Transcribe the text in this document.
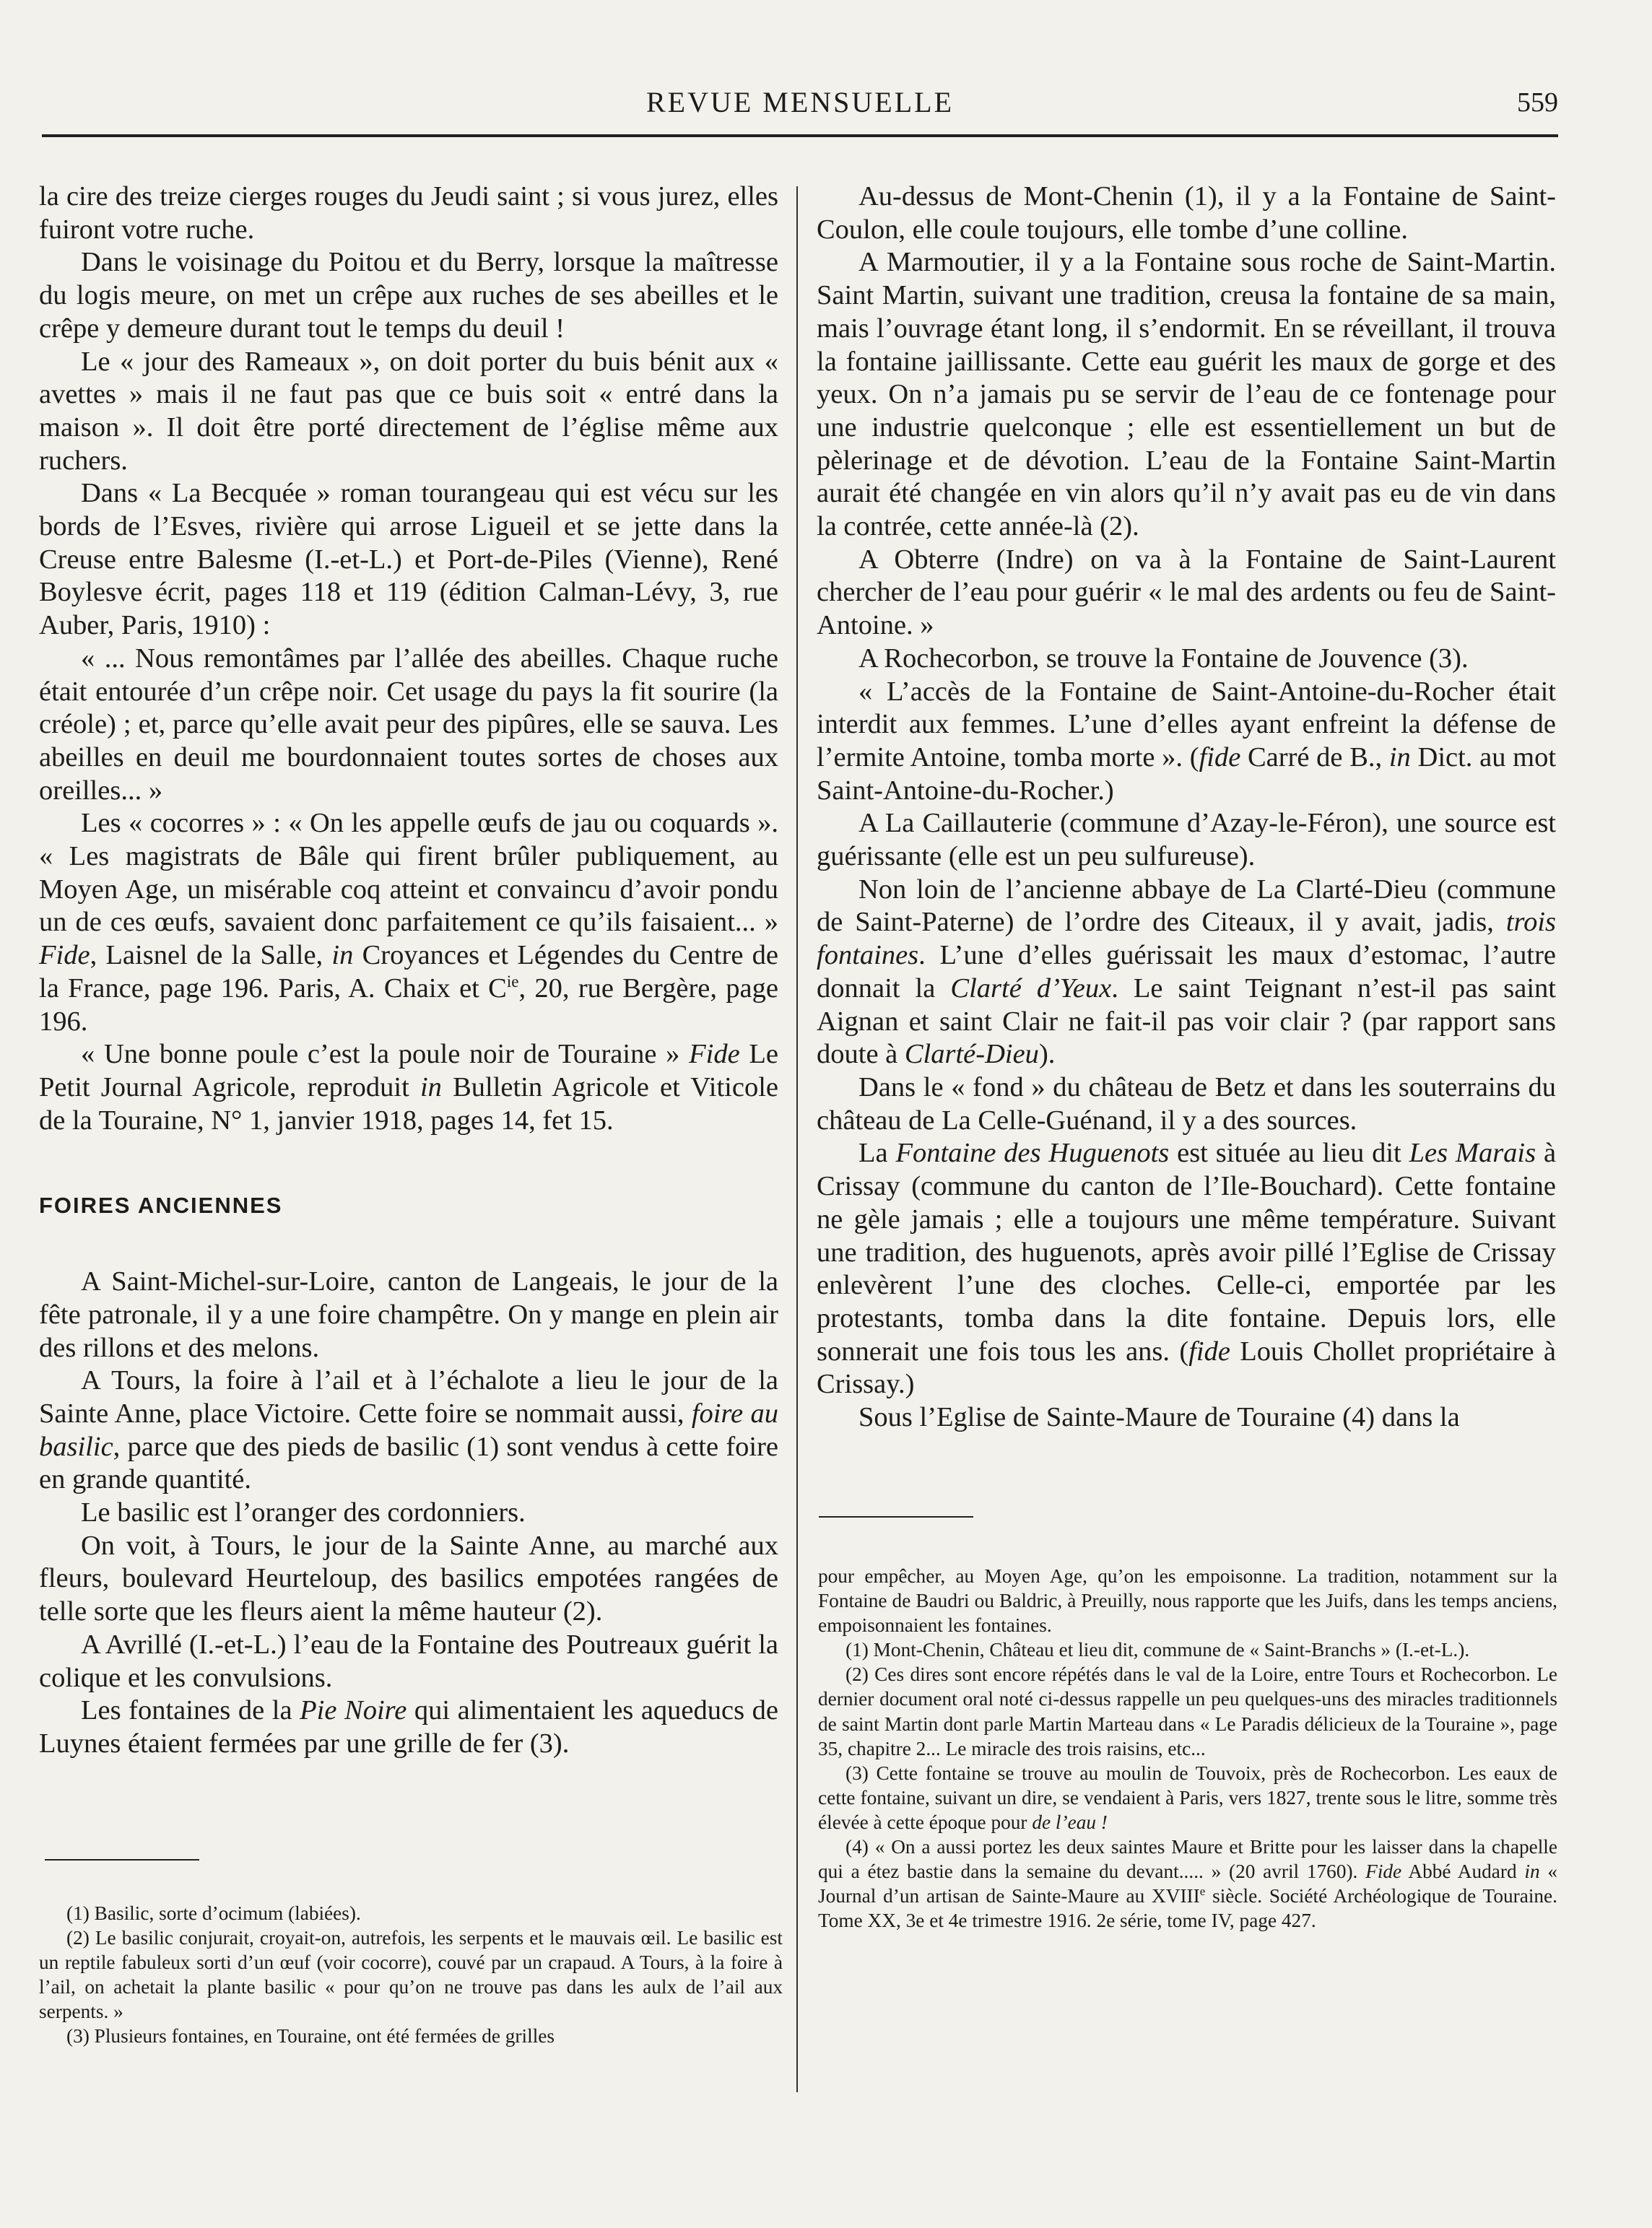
REVUE MENSUELLE	559

la cire des treize cierges rouges du Jeudi saint ; si vous jurez, elles fuiront votre ruche.

Dans le voisinage du Poitou et du Berry, lorsque la maîtresse du logis meure, on met un crêpe aux ruches de ses abeilles et le crêpe y demeure durant tout le temps du deuil !

Le « jour des Rameaux », on doit porter du buis bénit aux « avettes » mais il ne faut pas que ce buis soit « entré dans la maison ». Il doit être porté directement de l’église même aux ruchers.

Dans « La Becquée » roman tourangeau qui est vécu sur les bords de l’Esves, rivière qui arrose Ligueil et se jette dans la Creuse entre Balesme (I.-et-L.) et Port-de-Piles (Vienne), René Boylesve écrit, pages 118 et 119 (édition Calman-Lévy, 3, rue Auber, Paris, 1910) :

« ... Nous remontâmes par l’allée des abeilles. Chaque ruche était entourée d’un crêpe noir. Cet usage du pays la fit sourire (la créole) ; et, parce qu’elle avait peur des pipûres, elle se sauva. Les abeilles en deuil me bourdonnaient toutes sortes de choses aux oreilles... »

Les « cocorres » : « On les appelle œufs de jau ou coquards ». « Les magistrats de Bâle qui firent brûler publiquement, au Moyen Age, un misérable coq atteint et convaincu d’avoir pondu un de ces œufs, savaient donc parfaitement ce qu’ils faisaient... » Fide, Laisnel de la Salle, in Croyances et Légendes du Centre de la France, page 196. Paris, A. Chaix et $C^{ie}$, 20, rue Bergère, page 196.

« Une bonne poule c’est la poule noir de Touraine » Fide Le Petit Journal Agricole, reproduit in Bulletin Agricole et Viticole de la Touraine, N° 1, janvier 1918, pages 14, fet 15.

FOIRES ANCIENNES

A Saint-Michel-sur-Loire, canton de Langeais, le jour de la fête patronale, il y a une foire champêtre. On y mange en plein air des rillons et des melons.

A Tours, la foire à l’ail et à l’échalote a lieu le jour de la Sainte Anne, place Victoire. Cette foire se nommait aussi, foire au basilic, parce que des pieds de basilic (1) sont vendus à cette foire en grande quantité.

Le basilic est l’oranger des cordonniers.

On voit, à Tours, le jour de la Sainte Anne, au marché aux fleurs, boulevard Heurteloup, des basilics empotées rangées de telle sorte que les fleurs aient la même hauteur (2).

A Avrillé (I.-et-L.) l’eau de la Fontaine des Poutreaux guérit la colique et les convulsions.

Les fontaines de la Pie Noire qui alimentaient les aqueducs de Luynes étaient fermées par une grille de fer (3).

Au-dessus de Mont-Chenin (1), il y a la Fontaine de Saint-Coulon, elle coule toujours, elle tombe d’une colline.

A Marmoutier, il y a la Fontaine sous roche de Saint-Martin. Saint Martin, suivant une tradition, creusa la fontaine de sa main, mais l’ouvrage étant long, il s’endormit. En se réveillant, il trouva la fontaine jaillissante. Cette eau guérit les maux de gorge et des yeux. On n’a jamais pu se servir de l’eau de ce fontenage pour une industrie quelconque ; elle est essentiellement un but de pèlerinage et de dévotion. L’eau de la Fontaine Saint-Martin aurait été changée en vin alors qu’il n’y avait pas eu de vin dans la contrée, cette année-là (2).

A Obterre (Indre) on va à la Fontaine de Saint-Laurent chercher de l’eau pour guérir « le mal des ardents ou feu de Saint-Antoine. »

A Rochecorbon, se trouve la Fontaine de Jouvence (3).

« L’accès de la Fontaine de Saint-Antoine-du-Rocher était interdit aux femmes. L’une d’elles ayant enfreint la défense de l’ermite Antoine, tomba morte ». (fide Carré de B., in Dict. au mot Saint-Antoine-du-Rocher.)

A La Caillauterie (commune d’Azay-le-Féron), une source est guérissante (elle est un peu sulfureuse).

Non loin de l’ancienne abbaye de La Clarté-Dieu (commune de Saint-Paterne) de l’ordre des Citeaux, il y avait, jadis, trois fontaines. L’une d’elles guérissait les maux d’estomac, l’autre donnait la Clarté d’Yeux. Le saint Teignant n’est-il pas saint Aignan et saint Clair ne fait-il pas voir clair ? (par rapport sans doute à Clarté-Dieu).

Dans le « fond » du château de Betz et dans les souterrains du château de La Celle-Guénand, il y a des sources.

La Fontaine des Huguenots est située au lieu dit Les Marais à Crissay (commune du canton de l’Ile-Bouchard). Cette fontaine ne gèle jamais ; elle a toujours une même température. Suivant une tradition, des huguenots, après avoir pillé l’Eglise de Crissay enlevèrent l’une des cloches. Celle-ci, emportée par les protestants, tomba dans la dite fontaine. Depuis lors, elle sonnerait une fois tous les ans. (fide Louis Chollet propriétaire à Crissay.)

Sous l’Eglise de Sainte-Maure de Touraine (4) dans la

(1) Basilic, sorte d’ocimum (labiées).

(2) Le basilic conjurait, croyait-on, autrefois, les serpents et le mauvais œil. Le basilic est un reptile fabuleux sorti d’un œuf (voir cocorre), couvé par un crapaud. A Tours, à la foire à l’ail, on achetait la plante basilic « pour qu’on ne trouve pas dans les aulx de l’ail aux serpents. »

(3) Plusieurs fontaines, en Touraine, ont été fermées de grilles

pour empêcher, au Moyen Age, qu’on les empoisonne. La tradition, notamment sur la Fontaine de Baudri ou Baldric, à Preuilly, nous rapporte que les Juifs, dans les temps anciens, empoisonnaient les fontaines.

(1) Mont-Chenin, Château et lieu dit, commune de « Saint-Branchs » (I.-et-L.).

(2) Ces dires sont encore répétés dans le val de la Loire, entre Tours et Rochecorbon. Le dernier document oral noté ci-dessus rappelle un peu quelques-uns des miracles traditionnels de saint Martin dont parle Martin Marteau dans « Le Paradis délicieux de la Touraine », page 35, chapitre 2... Le miracle des trois raisins, etc...

(3) Cette fontaine se trouve au moulin de Touvoix, près de Rochecorbon. Les eaux de cette fontaine, suivant un dire, se vendaient à Paris, vers 1827, trente sous le litre, somme très élevée à cette époque pour de l’eau !

(4) « On a aussi portez les deux saintes Maure et Britte pour les laisser dans la chapelle qui a étez bastie dans la semaine du devant..... » (20 avril 1760). Fide Abbé Audard in « Journal d’un artisan de Sainte-Maure au XVIIIe siècle. Société Archéologique de Touraine. Tome XX, 3e et 4e trimestre 1916. 2e série, tome IV, page 427.
